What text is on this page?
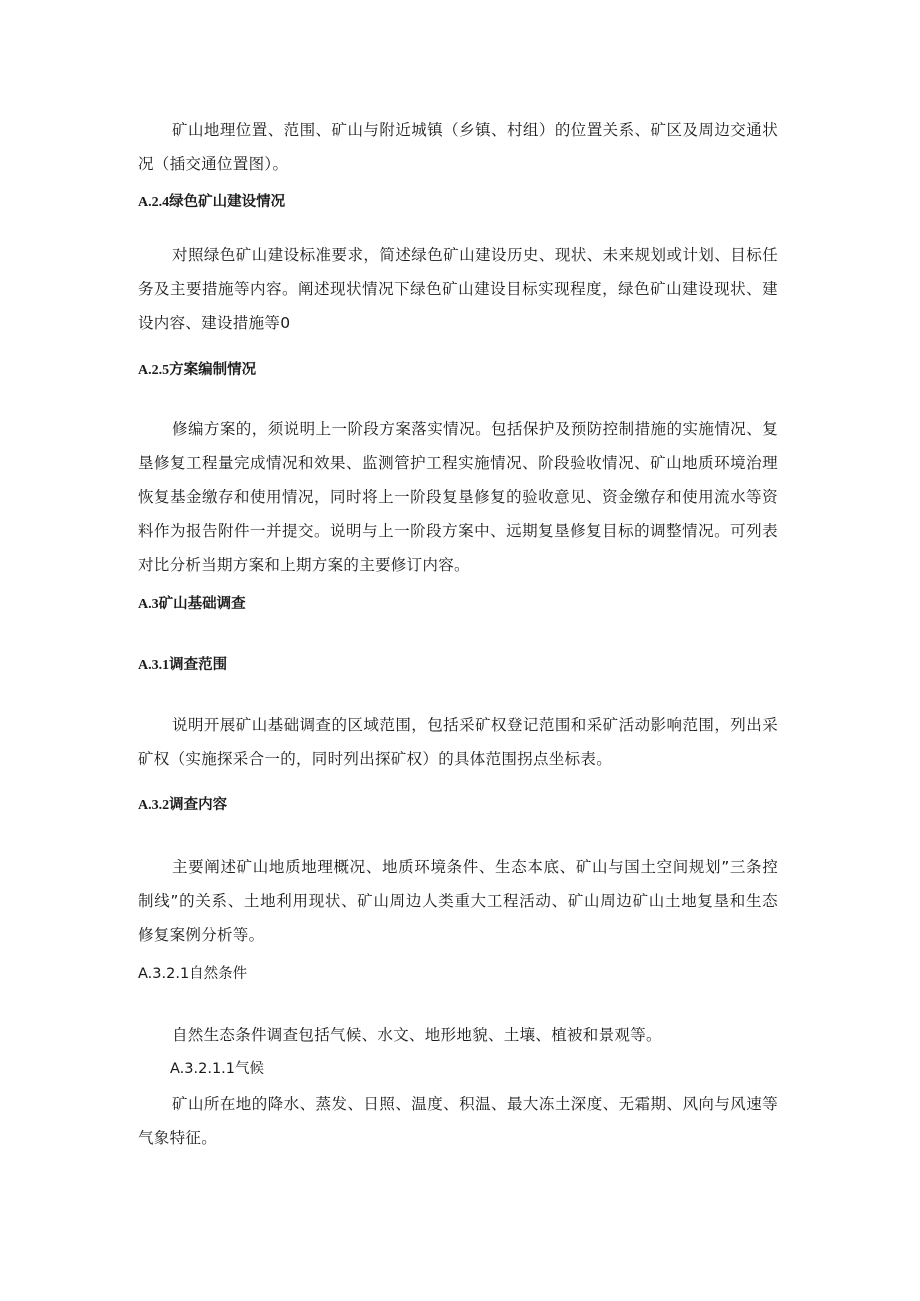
矿山地理位置、范围、矿山与附近城镇（乡镇、村组）的位置关系、矿区及周边交通状况（插交通位置图）。

A.2.4绿色矿山建设情况

对照绿色矿山建设标准要求，简述绿色矿山建设历史、现状、未来规划或计划、目标任务及主要措施等内容。阐述现状情况下绿色矿山建设目标实现程度，绿色矿山建设现状、建设内容、建设措施等0

A.2.5方案编制情况

修编方案的，须说明上一阶段方案落实情况。包括保护及预防控制措施的实施情况、复垦修复工程量完成情况和效果、监测管护工程实施情况、阶段验收情况、矿山地质环境治理恢复基金缴存和使用情况，同时将上一阶段复垦修复的验收意见、资金缴存和使用流水等资料作为报告附件一并提交。说明与上一阶段方案中、远期复垦修复目标的调整情况。可列表对比分析当期方案和上期方案的主要修订内容。

A.3矿山基础调查
A.3.1调查范围

说明开展矿山基础调查的区域范围，包括采矿权登记范围和采矿活动影响范围，列出采矿权（实施探采合一的，同时列出探矿权）的具体范围拐点坐标表。

A.3.2调查内容

主要阐述矿山地质地理概况、地质环境条件、生态本底、矿山与国土空间规划”三条控制线”的关系、土地利用现状、矿山周边人类重大工程活动、矿山周边矿山土地复垦和生态修复案例分析等。

A.3.2.1自然条件

自然生态条件调查包括气候、水文、地形地貌、土壤、植被和景观等。

A.3.2.1.1气候

矿山所在地的降水、蒸发、日照、温度、积温、最大冻土深度、无霜期、风向与风速等气象特征。
